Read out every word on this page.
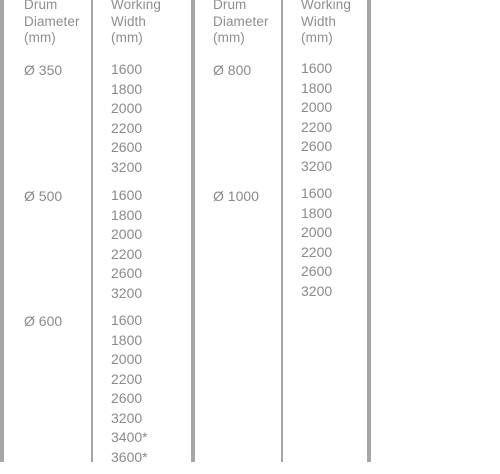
Drum
Diameter
(mm)
Working
Width
(mm)
Ø 350	1600
1800
2000
2200
2600
3200
Ø 500	1600
1800
2000
2200
2600
3200
Ø 600	1600
1800
2000
2200
2600
3200
3400*
3600*
Drum
Diameter
(mm)
Working
Width
(mm)
Ø 800	1600
1800
2000
2200
2600
3200
Ø 1000	1600
1800
2000
2200
2600
3200
